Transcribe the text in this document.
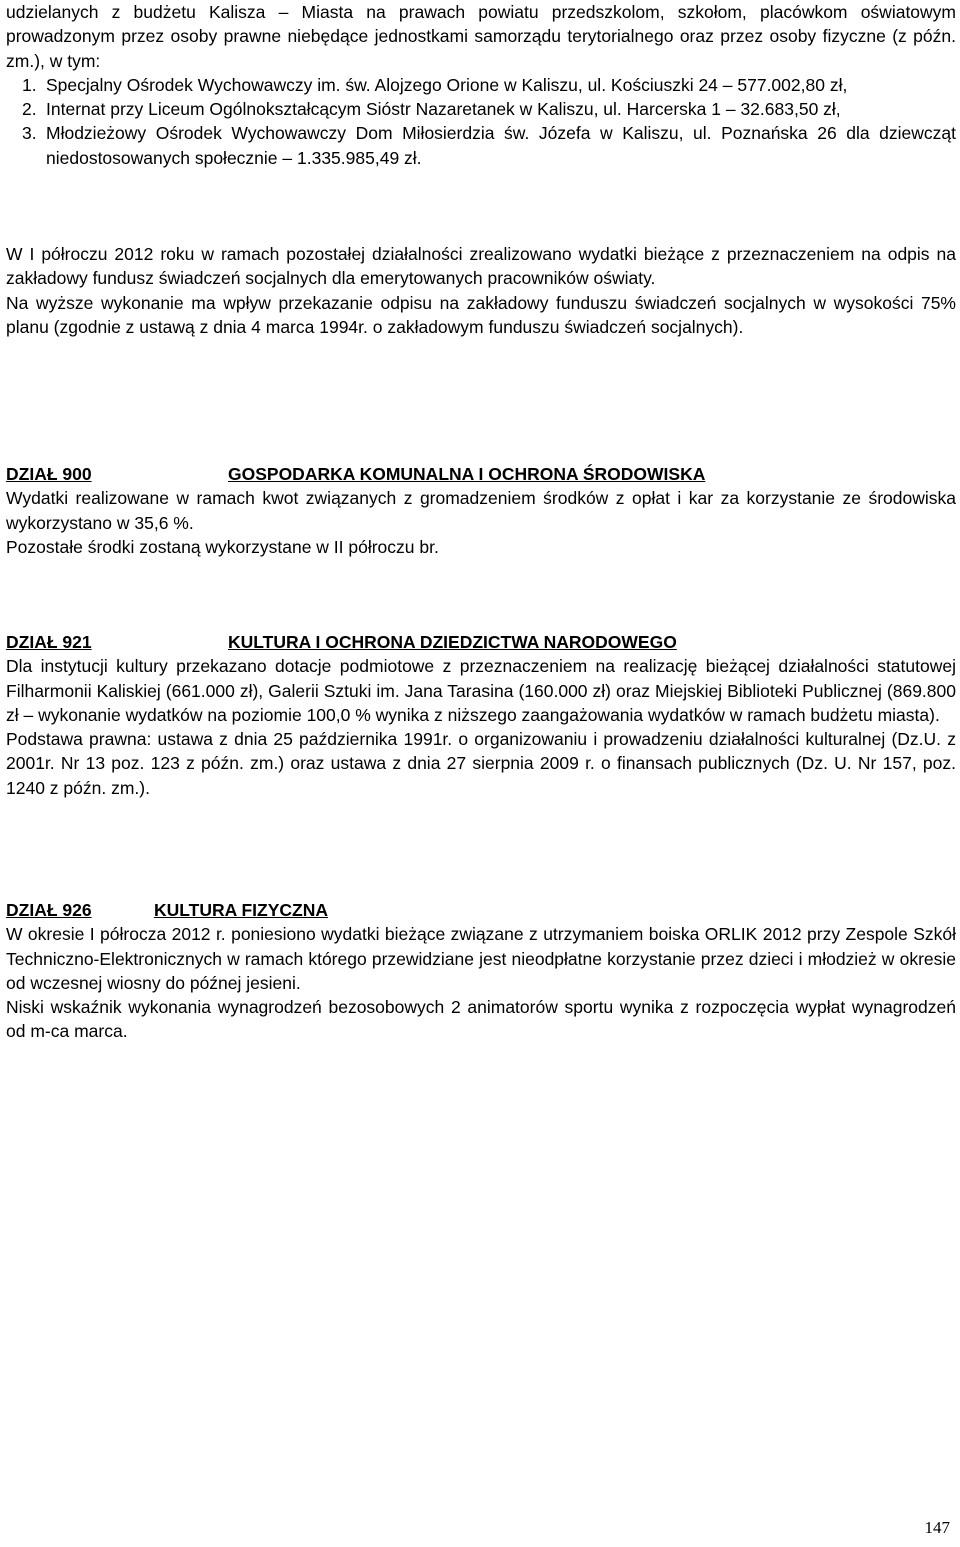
udzielanych z budżetu Kalisza – Miasta na prawach powiatu przedszkolom, szkołom, placówkom oświatowym prowadzonym przez osoby prawne niebędące jednostkami samorządu terytorialnego oraz przez osoby fizyczne (z późn. zm.), w tym:

1. Specjalny Ośrodek Wychowawczy im. św. Alojzego Orione w Kaliszu, ul. Kościuszki 24 – 577.002,80 zł,
2. Internat przy Liceum Ogólnokształcącym Sióstr Nazaretanek w Kaliszu, ul. Harcerska 1 – 32.683,50 zł,
3. Młodzieżowy Ośrodek Wychowawczy Dom Miłosierdzia św. Józefa w Kaliszu, ul. Poznańska 26 dla dziewcząt niedostosowanych społecznie – 1.335.985,49 zł.

W I półroczu 2012 roku w ramach pozostałej działalności zrealizowano wydatki bieżące z przeznaczeniem na odpis na zakładowy fundusz świadczeń socjalnych dla emerytowanych pracowników oświaty.

Na wyższe wykonanie ma wpływ przekazanie odpisu na zakładowy funduszu świadczeń socjalnych w wysokości 75% planu (zgodnie z ustawą z dnia 4 marca 1994r. o zakładowym funduszu świadczeń socjalnych).

DZIAŁ 900	GOSPODARKA KOMUNALNA I OCHRONA ŚRODOWISKA

Wydatki realizowane w ramach kwot związanych z gromadzeniem środków z opłat i kar za korzystanie ze środowiska wykorzystano w 35,6 %.

Pozostałe środki zostaną wykorzystane w II półroczu br.

DZIAŁ 921	KULTURA I OCHRONA DZIEDZICTWA NARODOWEGO

Dla instytucji kultury przekazano dotacje podmiotowe z przeznaczeniem na realizację bieżącej działalności statutowej Filharmonii Kaliskiej (661.000 zł), Galerii Sztuki im. Jana Tarasina (160.000 zł) oraz Miejskiej Biblioteki Publicznej (869.800 zł – wykonanie wydatków na poziomie 100,0 % wynika z niższego zaangażowania wydatków w ramach budżetu miasta).

Podstawa prawna: ustawa z dnia 25 października 1991r. o organizowaniu i prowadzeniu działalności kulturalnej (Dz.U. z 2001r. Nr 13 poz. 123 z późn. zm.) oraz ustawa z dnia 27 sierpnia 2009 r. o finansach publicznych (Dz. U. Nr 157, poz. 1240 z późn. zm.).

DZIAŁ 926	KULTURA FIZYCZNA

W okresie I półrocza 2012 r. poniesiono wydatki bieżące związane z utrzymaniem boiska ORLIK 2012 przy Zespole Szkół Techniczno-Elektronicznych w ramach którego przewidziane jest nieodpłatne korzystanie przez dzieci i młodzież w okresie od wczesnej wiosny do późnej jesieni.

Niski wskaźnik wykonania wynagrodzeń bezosobowych 2 animatorów sportu wynika z rozpoczęcia wypłat wynagrodzeń od m-ca marca.

147
